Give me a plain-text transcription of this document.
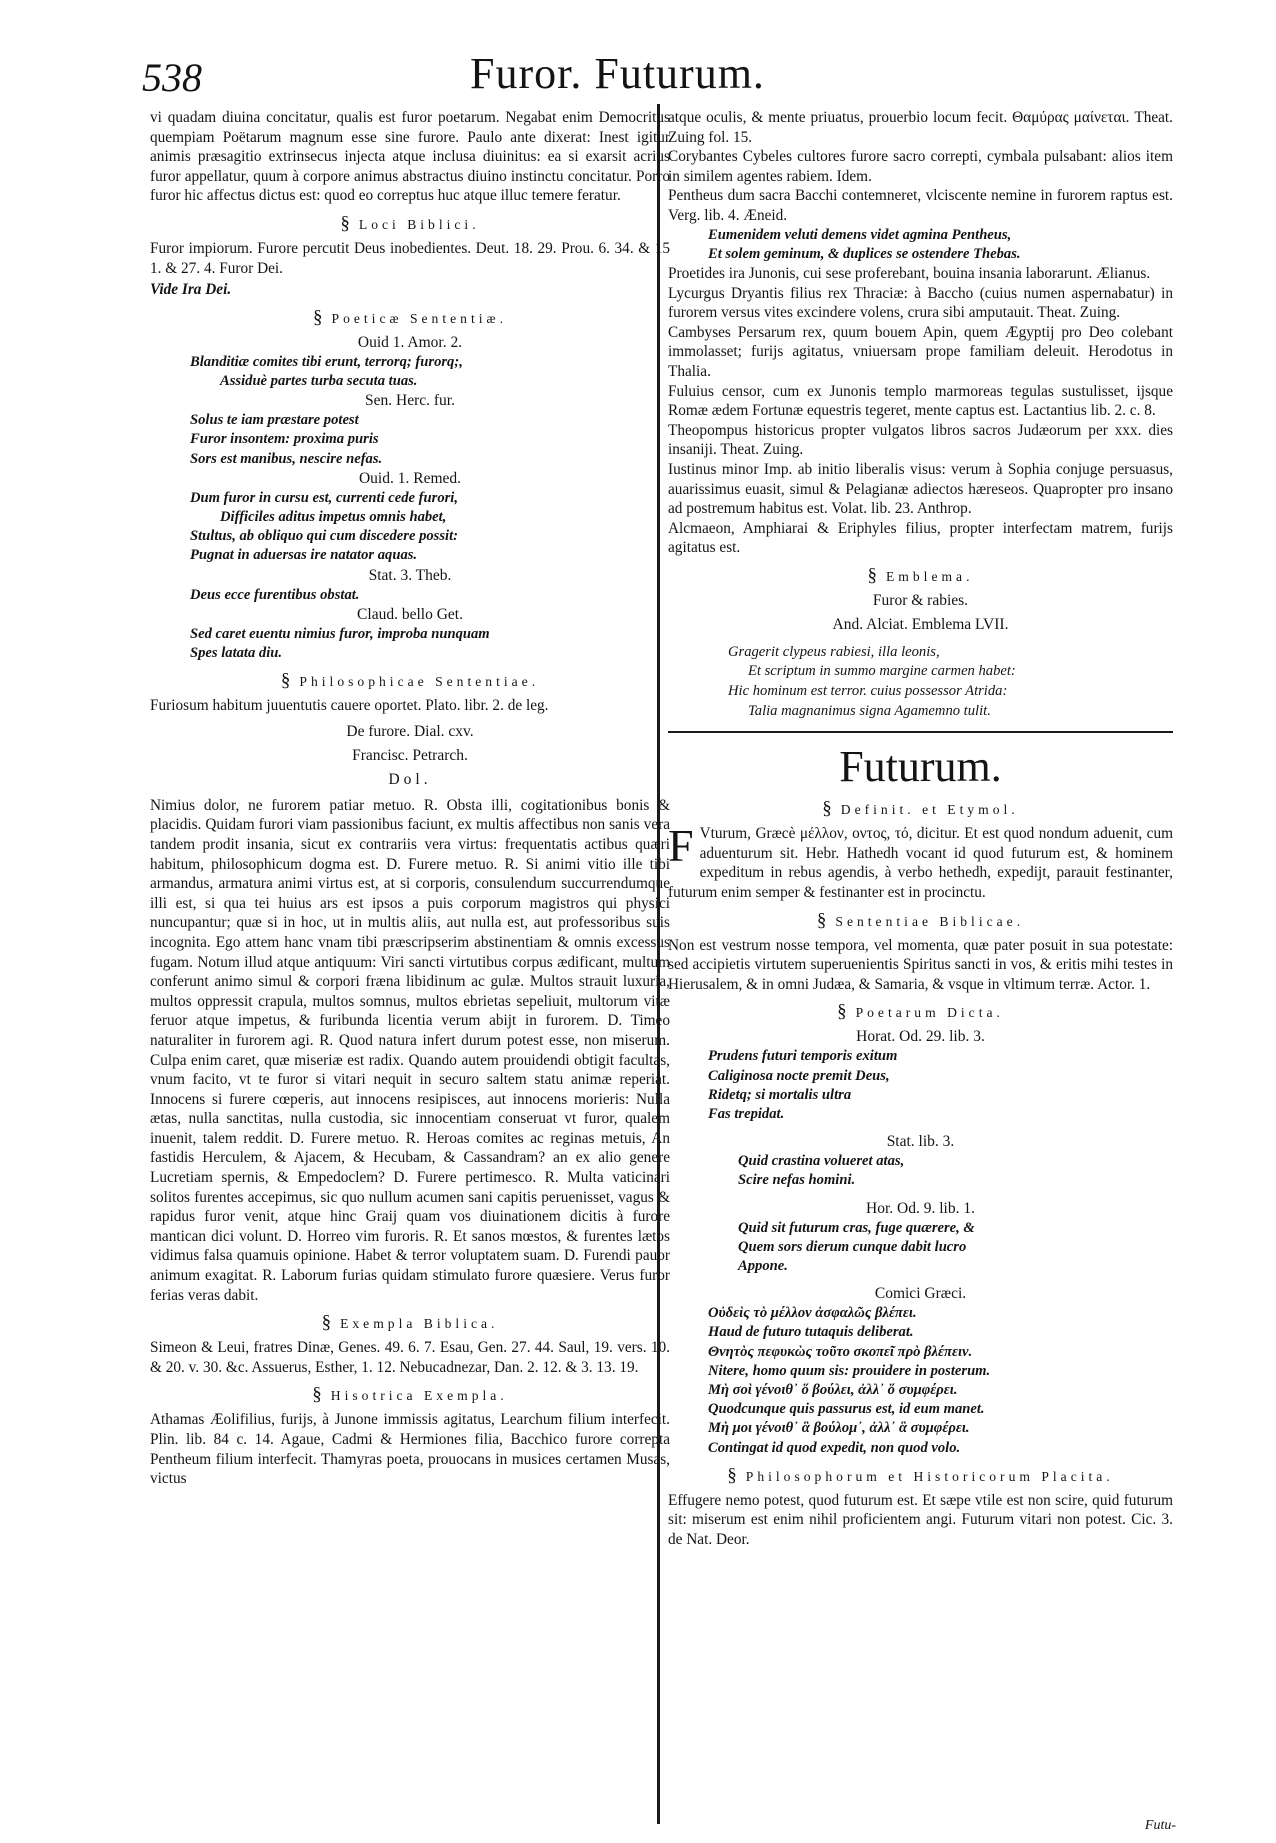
538	Furor. Futurum.

vi quadam diuina concitatur, qualis est furor poetarum. Negabat enim Democritus quempiam Poëtarum magnum esse sine furore. Paulo ante dixerat: Inest igitur animis præsagitio extrinsecus injecta atque inclusa diuinitus: ea si exarsit acrius furor appellatur, quum à corpore animus abstractus diuino instinctu concitatur. Porro furor hic affectus dictus est: quod eo correptus huc atque illuc temere feratur.

§ Loci Biblici.

Furor impiorum. Furore percutit Deus inobedientes. Deut. 18. 29. Prou. 6. 34. & 15 1. & 27. 4. Furor Dei.

Vide Ira Dei.

§ Poeticæ Sententiæ.

Ouid 1. Amor. 2.

Blanditiæ comites tibi erunt, terrorq; furorq;,

Assiduè partes turba secuta tuas.

Sen. Herc. fur.

Solus te iam præstare potest

Furor insontem: proxima puris

Sors est manibus, nescire nefas.

Ouid. 1. Remed.

Dum furor in cursu est, currenti cede furori,

Difficiles aditus impetus omnis habet,

Stultus, ab obliquo qui cum discedere possit:

Pugnat in aduersas ire natator aquas.

Stat. 3. Theb.

Deus ecce furentibus obstat.

Claud. bello Get.

Sed caret euentu nimius furor, improba nunquam

Spes latata diu.

§ Philosophicae Sententiae.

Furiosum habitum juuentutis cauere oportet. Plato. libr. 2. de leg.

De furore. Dial. cxv.

Francisc. Petrarch.

Dol.

Nimius dolor, ne furorem patiar metuo. R. Obsta illi, cogitationibus bonis & placidis. Quidam furori viam passionibus faciunt, ex multis affectibus non sanis vera tandem prodit insania, sicut ex contrariis vera virtus: frequentatis actibus quæri habitum, philosophicum dogma est. D. Furere metuo. R. Si animi vitio ille tibi armandus, armatura animi virtus est, at si corporis, consulendum succurrendumque illi est, si qua tei huius ars est ipsos a puis corporum magistros qui physici nuncupantur; quæ si in hoc, ut in multis aliis, aut nulla est, aut professoribus suis incognita. Ego attem hanc vnam tibi præscripserim abstinentiam & omnis excessus fugam. Notum illud atque antiquum: Viri sancti virtutibus corpus ædificant, multum conferunt animo simul & corpori fræna libidinum ac gulæ. Multos strauit luxuria, multos oppressit crapula, multos somnus, multos ebrietas sepeliuit, multorum vitæ feruor atque impetus, & furibunda licentia verum abijt in furorem. D. Timeo naturaliter in furorem agi. R. Quod natura infert durum potest esse, non miserum. Culpa enim caret, quæ miseriæ est radix. Quando autem prouidendi obtigit facultas, vnum facito, vt te furor si vitari nequit in securo saltem statu animæ reperiat. Innocens si furere cœperis, aut innocens resipisces, aut innocens morieris: Nulla ætas, nulla sanctitas, nulla custodia, sic innocentiam conseruat vt furor, qualem inuenit, talem reddit. D. Furere metuo. R. Heroas comites ac reginas metuis, An fastidis Herculem, & Ajacem, & Hecubam, & Cassandram? an ex alio genere Lucretiam spernis, & Empedoclem? D. Furere pertimesco. R. Multa vaticinari solitos furentes accepimus, sic quo nullum acumen sani capitis peruenisset, vagus & rapidus furor venit, atque hinc Graij quam vos diuinationem dicitis à furore mantican dici volunt. D. Horreo vim furoris. R. Et sanos mœstos, & furentes lætos vidimus falsa quamuis opinione. Habet & terror voluptatem suam. D. Furendi pauor animum exagitat. R. Laborum furias quidam stimulato furore quæsiere. Verus furor ferias veras dabit.

§ Exempla Biblica.

Simeon & Leui, fratres Dinæ, Genes. 49. 6. 7. Esau, Gen. 27. 44. Saul, 19. vers. 10. & 20. v. 30. &c. Assuerus, Esther, 1. 12. Nebucadnezar, Dan. 2. 12. & 3. 13. 19.

§ Hisotrica Exempla.

Athamas Æolifilius, furijs, à Junone immissis agitatus, Learchum filium interfecit. Plin. lib. 84 c. 14. Agaue, Cadmi & Hermiones filia, Bacchico furore correpta Pentheum filium interfecit. Thamyras poeta, prouocans in musices certamen Musas, victus

atque oculis, & mente priuatus, prouerbio locum fecit. Θαμύρας μαίνεται. Theat. Zuing fol. 15.

Corybantes Cybeles cultores furore sacro correpti, cymbala pulsabant: alios item in similem agentes rabiem. Idem.

Pentheus dum sacra Bacchi contemneret, vlciscente nemine in furorem raptus est. Verg. lib. 4. Æneid.

Eumenidem veluti demens videt agmina Pentheus,

Et solem geminum, & duplices se ostendere Thebas.

Proetides ira Junonis, cui sese proferebant, bouina insania laborarunt. Ælianus.

Lycurgus Dryantis filius rex Thraciæ: à Baccho (cuius numen aspernabatur) in furorem versus vites excindere volens, crura sibi amputauit. Theat. Zuing.

Cambyses Persarum rex, quum bouem Apin, quem Ægyptij pro Deo colebant immolasset; furijs agitatus, vniuersam prope familiam deleuit. Herodotus in Thalia.

Fuluius censor, cum ex Junonis templo marmoreas tegulas sustulisset, ijsque Romæ ædem Fortunæ equestris tegeret, mente captus est. Lactantius lib. 2. c. 8.

Theopompus historicus propter vulgatos libros sacros Judæorum per xxx. dies insaniji. Theat. Zuing.

Iustinus minor Imp. ab initio liberalis visus: verum à Sophia conjuge persuasus, auarissimus euasit, simul & Pelagianæ adiectos hæreseos. Quapropter pro insano ad postremum habitus est. Volat. lib. 23. Anthrop.

Alcmaeon, Amphiarai & Eriphyles filius, propter interfectam matrem, furijs agitatus est.

§ Emblema.

Furor & rabies.

And. Alciat. Emblema LVII.

Gragerit clypeus rabiesi, illa leonis,

Et scriptum in summo margine carmen habet:

Hic hominum est terror. cuius possessor Atrida:

Talia magnanimus signa Agamemno tulit.

Futurum.
§ Definit. et Etymol.
F Vturum, Græcè μέλλον, οντος, τό, dicitur. Et est quod nondum aduenit, cum aduenturum sit. Hebr. Hathedh vocant id quod futurum est, & hominem expeditum in rebus agendis, à verbo hethedh, expedijt, parauit festinanter, futurum enim semper & festinanter est in procinctu.
§ Sententiae Biblicae.

Non est vestrum nosse tempora, vel momenta, quæ pater posuit in sua potestate: sed accipietis virtutem superuenientis Spiritus sancti in vos, & eritis mihi testes in Hierusalem, & in omni Judæa, & Samaria, & vsque in vltimum terræ. Actor. 1.

§ Poetarum Dicta.

Horat. Od. 29. lib. 3.

Prudens futuri temporis exitum

Caliginosa nocte premit Deus,

Ridetq; si mortalis ultra

Fas trepidat.

Stat. lib. 3.

Quid crastina volueret atas,

Scire nefas homini.

Hor. Od. 9. lib. 1.

Quid sit futurum cras, fuge quærere, &

Quem sors dierum cunque dabit lucro

Appone.

Comici Græci.

Οὐδεὶς τὸ μέλλον ἀσφαλῶς βλέπει.

Haud de futuro tutaquis deliberat.

Θνητὸς πεφυκὼς τοῦτο σκοπεῖ πρὸ βλέπειν.

Nitere, homo quum sis: prouidere in posterum.

Μὴ σοὶ γένοιθ᾽ ὅ βούλει, ἀλλ᾽ ὅ συμφέρει.

Quodcunque quis passurus est, id eum manet.

Μὴ μοι γένοιθ᾽ ἃ βούλομ᾽, ἀλλ᾽ ἃ συμφέρει.

Contingat id quod expedit, non quod volo.

§ Philosophorum et Historicorum Placita.

Effugere nemo potest, quod futurum est. Et sæpe vtile est non scire, quid futurum sit: miserum est enim nihil proficientem angi. Futurum vitari non potest. Cic. 3. de Nat. Deor.

Futu-
